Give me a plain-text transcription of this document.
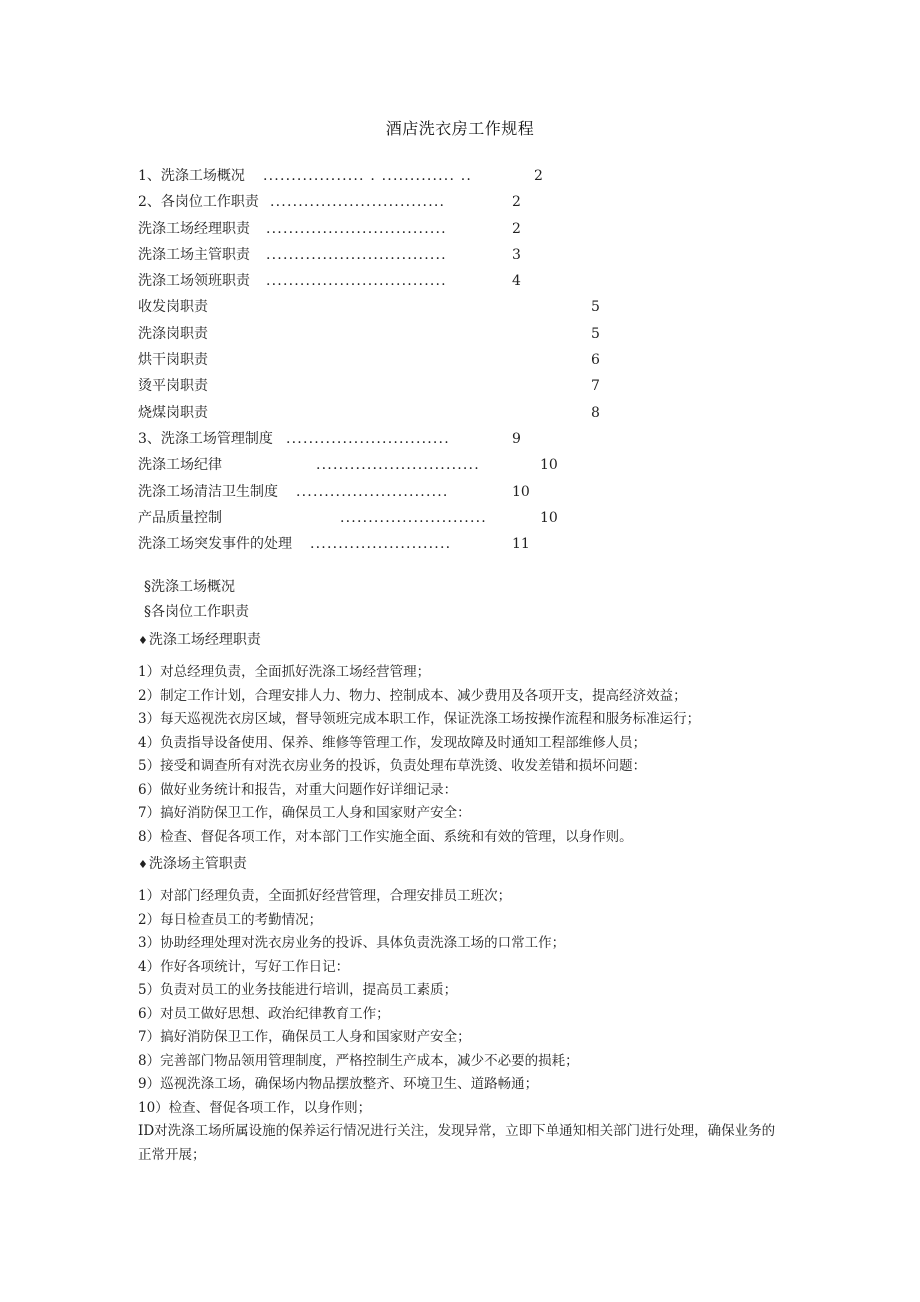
酒店洗衣房工作规程
1、洗涤工场概况 .................. . ............. ..	2
2、各岗位工作职责 ...............................	2
洗涤工场经理职责 ................................	2
洗涤工场主管职责 ................................	3
洗涤工场领班职责 ................................	4
收发岗职责	5
洗涤岗职责	5
烘干岗职责	6
烫平岗职责	7
烧煤岗职责	8
3、洗涤工场管理制度 .............................	9
洗涤工场纪律	.............................	10
洗涤工场清洁卫生制度 ...........................	10
产品质量控制	..........................	10
洗涤工场突发事件的处理 .........................	11
§洗涤工场概况
§各岗位工作职责
♦洗涤工场经理职责
1）对总经理负责，全面抓好洗涤工场经营管理；
2）制定工作计划，合理安排人力、物力、控制成本、减少费用及各项开支，提高经济效益；
3）每天巡视洗衣房区域，督导领班完成本职工作，保证洗涤工场按操作流程和服务标准运行；
4）负责指导设备使用、保养、维修等管理工作，发现故障及时通知工程部维修人员；
5）接受和调查所有对洗衣房业务的投诉，负责处理布草洗烫、收发差错和损坏问题：
6）做好业务统计和报告，对重大问题作好详细记录：
7）搞好消防保卫工作，确保员工人身和国家财产安全：
8）检查、督促各项工作，对本部门工作实施全面、系统和有效的管理，以身作则。
♦洗涤场主管职责
1）对部门经理负责，全面抓好经营管理，合理安排员工班次；
2）每日检查员工的考勤情况；
3）协助经理处理对洗衣房业务的投诉、具体负责洗涤工场的口常工作；
4）作好各项统计，写好工作日记：
5）负责对员工的业务技能进行培训，提高员工素质；
6）对员工做好思想、政治纪律教育工作；
7）搞好消防保卫工作，确保员工人身和国家财产安全；
8）完善部门物品领用管理制度，严格控制生产成本，减少不必要的损耗；
9）巡视洗涤工场，确保场内物品摆放整齐、环境卫生、道路畅通；
10）检查、督促各项工作，以身作则；
ID对洗涤工场所属设施的保养运行情况进行关注，发现异常，立即下单通知相关部门进行处理，确保业务的正常开展；
